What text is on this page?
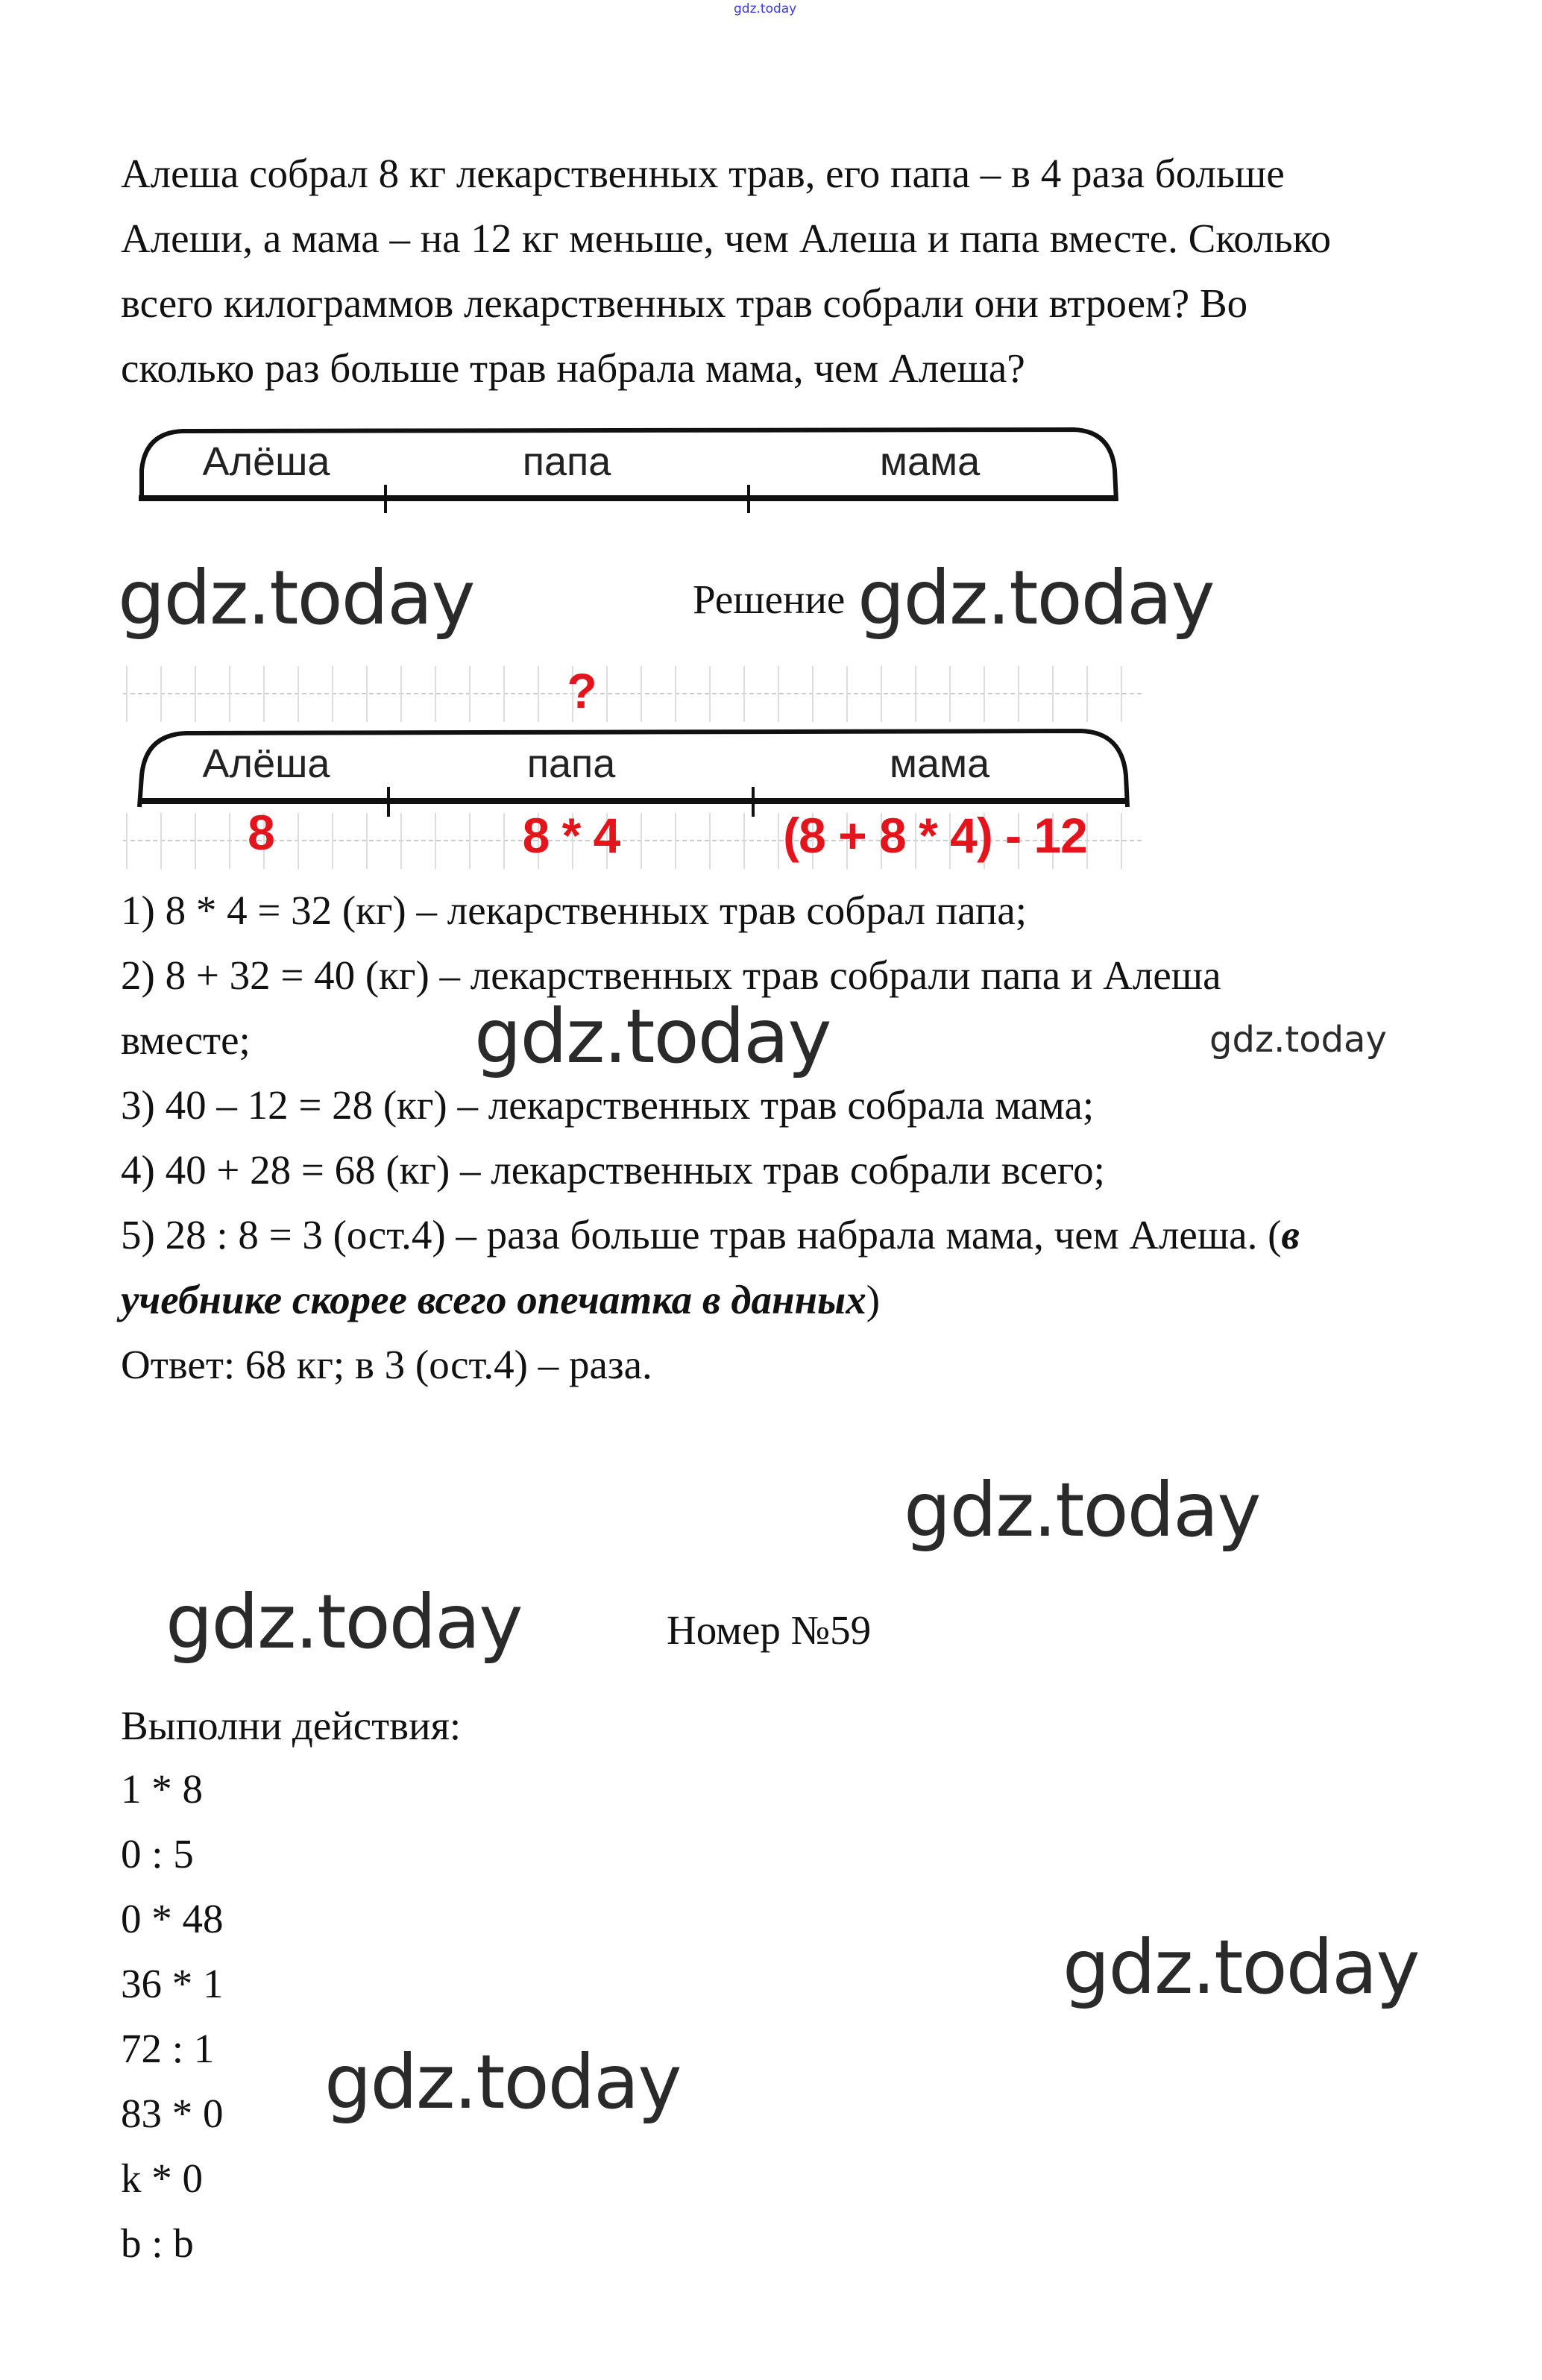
gdz.today
Алеша собрал 8 кг лекарственных трав, его папа – в 4 раза больше
Алеши, а мама – на 12 кг меньше, чем Алеша и папа вместе. Сколько
всего килограммов лекарственных трав собрали они втроем? Во
сколько раз больше трав набрала мама, чем Алеша?
Алёша	папа	мама
gdz.today	Решение gdz.today
?
Алёша	папа	мама
8	8 * 4	(8 + 8 * 4) - 12
1) 8 * 4 = 32 (кг) – лекарственных трав собрал папа;
2) 8 + 32 = 40 (кг) – лекарственных трав собрали папа и Алеша
вместе;
3) 40 – 12 = 28 (кг) – лекарственных трав собрала мама;
4) 40 + 28 = 68 (кг) – лекарственных трав собрали всего;
5) 28 : 8 = 3 (ост.4) – раза больше трав набрала мама, чем Алеша. (в
учебнике скорее всего опечатка в данных)
Ответ: 68 кг; в 3 (ост.4) – раза.
gdz.today	gdz.today
gdz.today
gdz.today	Номер №59
Выполни действия:
1 * 8
0 : 5
0 * 48
36 * 1
72 : 1
83 * 0
k * 0
b : b
gdz.today
gdz.today
